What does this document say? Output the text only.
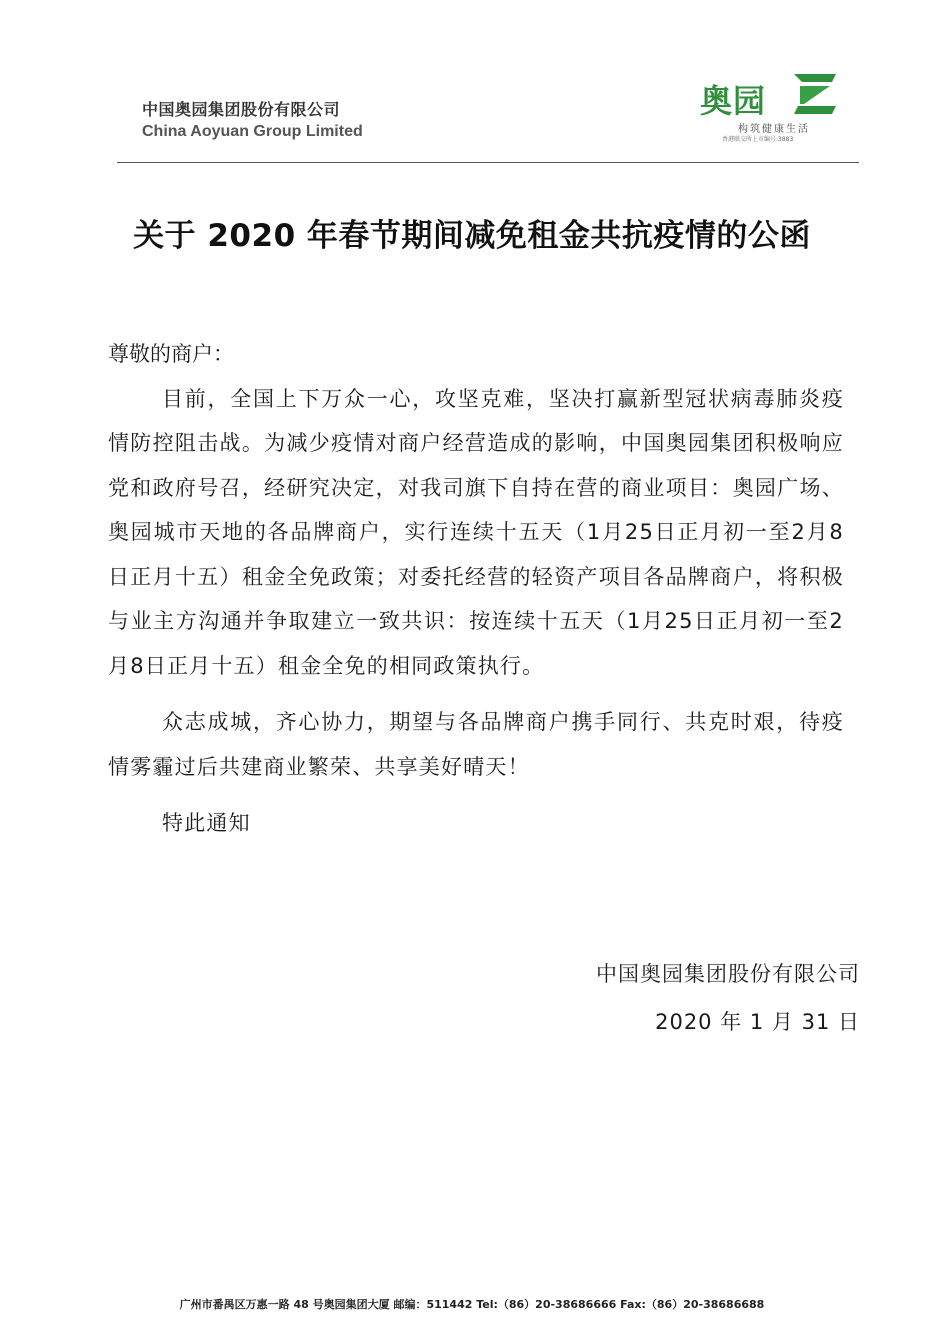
中国奥园集团股份有限公司
China Aoyuan Group Limited
奥园
构筑健康生活
香港联交所上市编号:3883
关于 2020 年春节期间减免租金共抗疫情的公函

尊敬的商户：

目前，全国上下万众一心，攻坚克难，坚决打赢新型冠状病毒肺炎疫情防控阻击战。为减少疫情对商户经营造成的影响，中国奥园集团积极响应党和政府号召，经研究决定，对我司旗下自持在营的商业项目：奥园广场、奥园城市天地的各品牌商户，实行连续十五天（1月25日正月初一至2月8日正月十五）租金全免政策；对委托经营的轻资产项目各品牌商户，将积极与业主方沟通并争取建立一致共识：按连续十五天（1月25日正月初一至2月8日正月十五）租金全免的相同政策执行。

众志成城，齐心协力，期望与各品牌商户携手同行、共克时艰，待疫情雾霾过后共建商业繁荣、共享美好晴天！

特此通知

中国奥园集团股份有限公司
2020 年 1 月 31 日
广州市番禺区万惠一路 48 号奥园集团大厦 邮编：511442 Tel:（86）20-38686666 Fax:（86）20-38686688
